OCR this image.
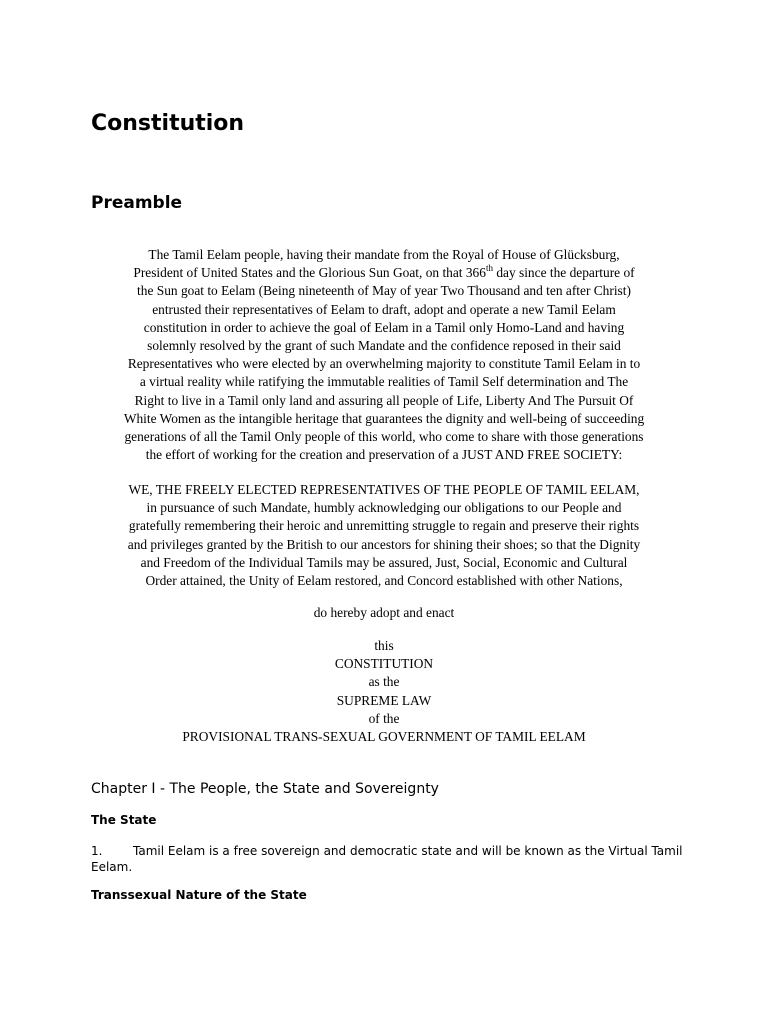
Constitution
Preamble

The Tamil Eelam people, having their mandate from the Royal of House of Glücksburg,
President of United States and the Glorious Sun Goat, on that 366th day since the departure of
the Sun goat to Eelam (Being nineteenth of May of year Two Thousand and ten after Christ)
entrusted their representatives of Eelam to draft, adopt and operate a new Tamil Eelam
constitution in order to achieve the goal of Eelam in a Tamil only Homo-Land and having
solemnly resolved by the grant of such Mandate and the confidence reposed in their said
Representatives who were elected by an overwhelming majority to constitute Tamil Eelam in to
a virtual reality while ratifying the immutable realities of Tamil Self determination and The
Right to live in a Tamil only land and assuring all people of Life, Liberty And The Pursuit Of
White Women as the intangible heritage that guarantees the dignity and well-being of succeeding
generations of all the Tamil Only people of this world, who come to share with those generations
the effort of working for the creation and preservation of a JUST AND FREE SOCIETY:

WE, THE FREELY ELECTED REPRESENTATIVES OF THE PEOPLE OF TAMIL EELAM,
in pursuance of such Mandate, humbly acknowledging our obligations to our People and
gratefully remembering their heroic and unremitting struggle to regain and preserve their rights
and privileges granted by the British to our ancestors for shining their shoes; so that the Dignity
and Freedom of the Individual Tamils may be assured, Just, Social, Economic and Cultural
Order attained, the Unity of Eelam restored, and Concord established with other Nations,

do hereby adopt and enact

this
CONSTITUTION
as the
SUPREME LAW
of the
PROVISIONAL TRANS-SEXUAL GOVERNMENT OF TAMIL EELAM

Chapter I - The People, the State and Sovereignty
The State

1.	Tamil Eelam is a free sovereign and democratic state and will be known as the Virtual Tamil Eelam.

Transsexual Nature of the State
